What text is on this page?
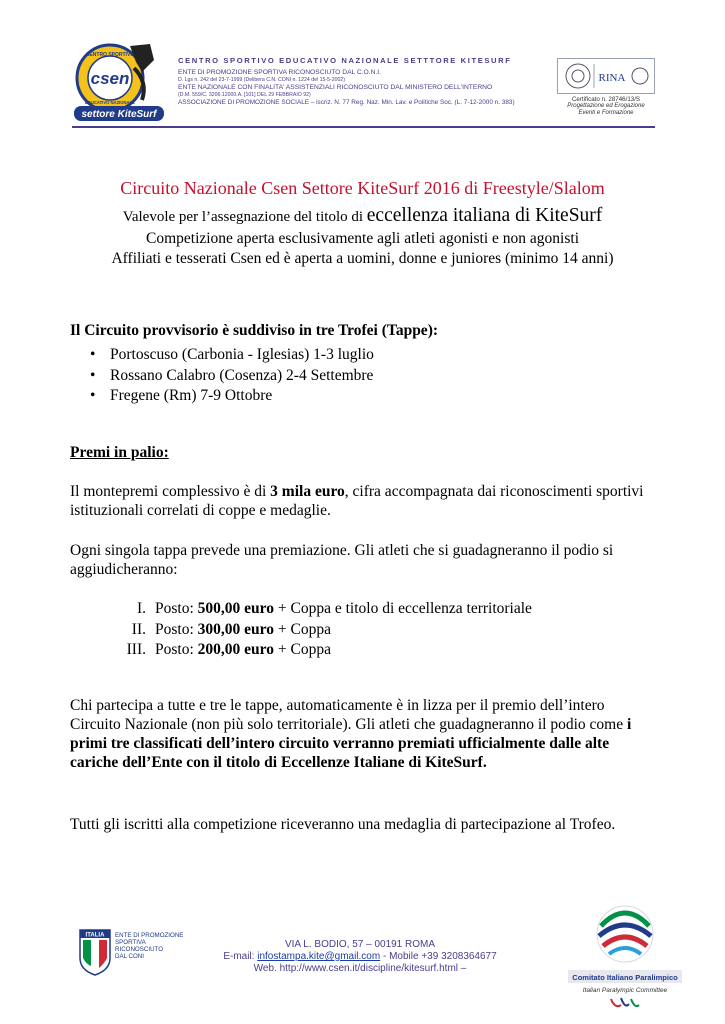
csen
CENTRO SPORTIVO
EDUCATIVO NAZIONALE
settore KiteSurf
CENTRO SPORTIVO EDUCATIVO NAZIONALE SETTTORE KITESURF
ENTE DI PROMOZIONE SPORTIVA RICONOSCIUTO DAL C.O.N.I.
D. Lgs n. 242 del 23-7-1999 (Delibera C.N. CONI n. 1224 del 15-5-2002)
ENTE NAZIONALE CON FINALITA' ASSISTENZIALI RICONOSCIUTO DAL MINISTERO DELL'INTERNO
(D.M. 559/C. 3206.12000.A. [101] DEL 29 FEBBRAIO 92)
ASSOCIAZIONE DI PROMOZIONE SOCIALE – iscriz. N. 77 Reg. Naz. Min. Lav. e Politiche Soc. (L. 7-12-2000 n. 383)
RINA
Certificato n. 28746/13/S
Progettazione ed Erogazione
Eventi e Formazione
Circuito Nazionale Csen Settore KiteSurf 2016 di Freestyle/Slalom
Valevole per l’assegnazione del titolo di eccellenza italiana di KiteSurf
Competizione aperta esclusivamente agli atleti agonisti e non agonisti
Affiliati e tesserati Csen ed è aperta a uomini, donne e juniores (minimo 14 anni)
Il Circuito provvisorio è suddiviso in tre Trofei (Tappe):
• Portoscuso (Carbonia - Iglesias) 1-3 luglio
• Rossano Calabro (Cosenza) 2-4 Settembre
• Fregene (Rm) 7-9 Ottobre
Premi in palio:
Il montepremi complessivo è di 3 mila euro, cifra accompagnata dai riconoscimenti sportivi istituzionali correlati di coppe e medaglie.
Ogni singola tappa prevede una premiazione. Gli atleti che si guadagneranno il podio si aggiudicheranno:
I. Posto: 500,00 euro + Coppa e titolo di eccellenza territoriale
II. Posto: 300,00 euro + Coppa
III. Posto: 200,00 euro + Coppa
Chi partecipa a tutte e tre le tappe, automaticamente è in lizza per il premio dell’intero Circuito Nazionale (non più solo territoriale). Gli atleti che guadagneranno il podio come i primi tre classificati dell’intero circuito verranno premiati ufficialmente dalle alte cariche dell’Ente con il titolo di Eccellenze Italiane di KiteSurf.
Tutti gli iscritti alla competizione riceveranno una medaglia di partecipazione al Trofeo.
ITALIA ENTE DI PROMOZIONE
SPORTIVA
RICONOSCIUTO
DAL CONI
VIA L. BODIO, 57 – 00191 ROMA
E-mail: infostampa.kite@gmail.com - Mobile +39 3208364677
Web. http://www.csen.it/discipline/kitesurf.html –
Comitato Italiano Paralimpico
Italian Paralympic Committee
